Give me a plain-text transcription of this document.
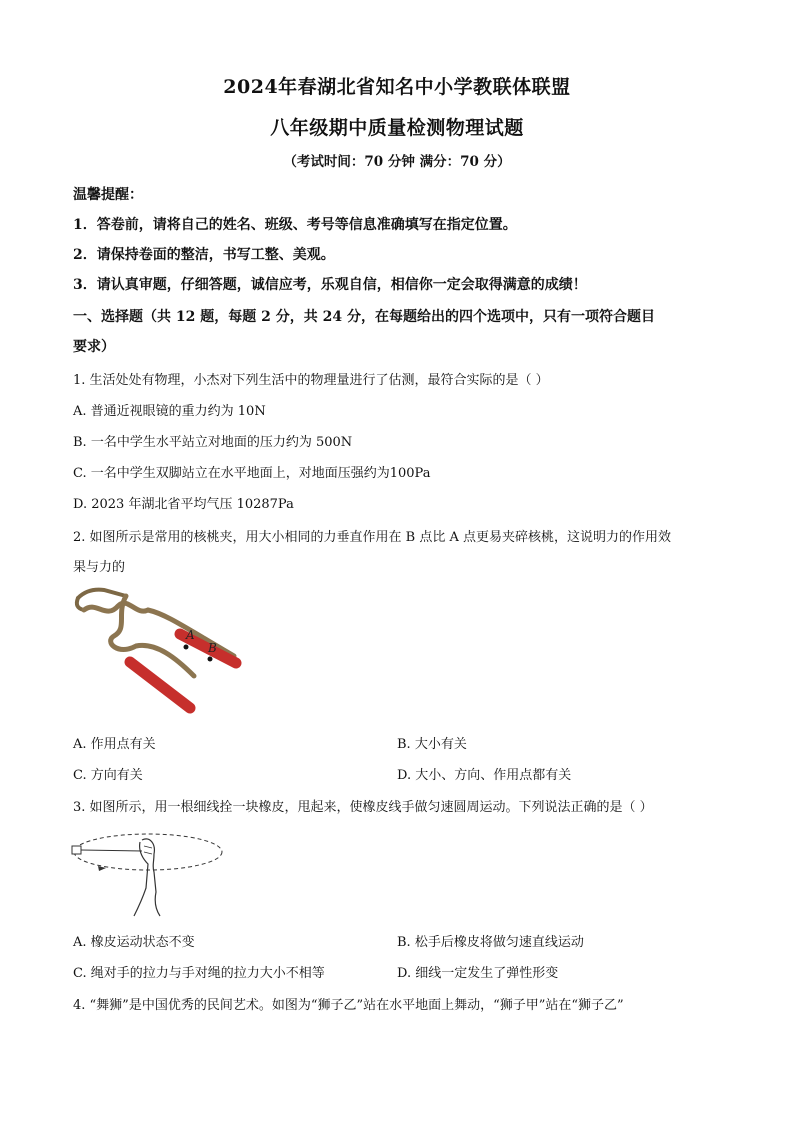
2024年春湖北省知名中小学教联体联盟
八年级期中质量检测物理试题
（考试时间：70 分钟 满分：70 分）
温馨提醒：
1．答卷前，请将自己的姓名、班级、考号等信息准确填写在指定位置。
2．请保持卷面的整洁，书写工整、美观。
3．请认真审题，仔细答题，诚信应考，乐观自信，相信你一定会取得满意的成绩！
一、选择题（共 12 题，每题 2 分，共 24 分，在每题给出的四个选项中，只有一项符合题目
要求）
1. 生活处处有物理，小杰对下列生活中的物理量进行了估测，最符合实际的是（ ）
A. 普通近视眼镜的重力约为 10N
B. 一名中学生水平站立对地面的压力约为 500N
C. 一名中学生双脚站立在水平地面上，对地面压强约为100Pa
D. 2023 年湖北省平均气压 10287Pa
2. 如图所示是常用的核桃夹，用大小相同的力垂直作用在 B 点比 A 点更易夹碎核桃，这说明力的作用效
果与力的
A
B
A. 作用点有关	B. 大小有关
C. 方向有关	D. 大小、方向、作用点都有关
3. 如图所示，用一根细线拴一块橡皮，甩起来，使橡皮线手做匀速圆周运动。下列说法正确的是（ ）
A. 橡皮运动状态不变	B. 松手后橡皮将做匀速直线运动
C. 绳对手的拉力与手对绳的拉力大小不相等	D. 细线一定发生了弹性形变
4. “舞狮”是中国优秀的民间艺术。如图为“狮子乙”站在水平地面上舞动，“狮子甲”站在“狮子乙”
